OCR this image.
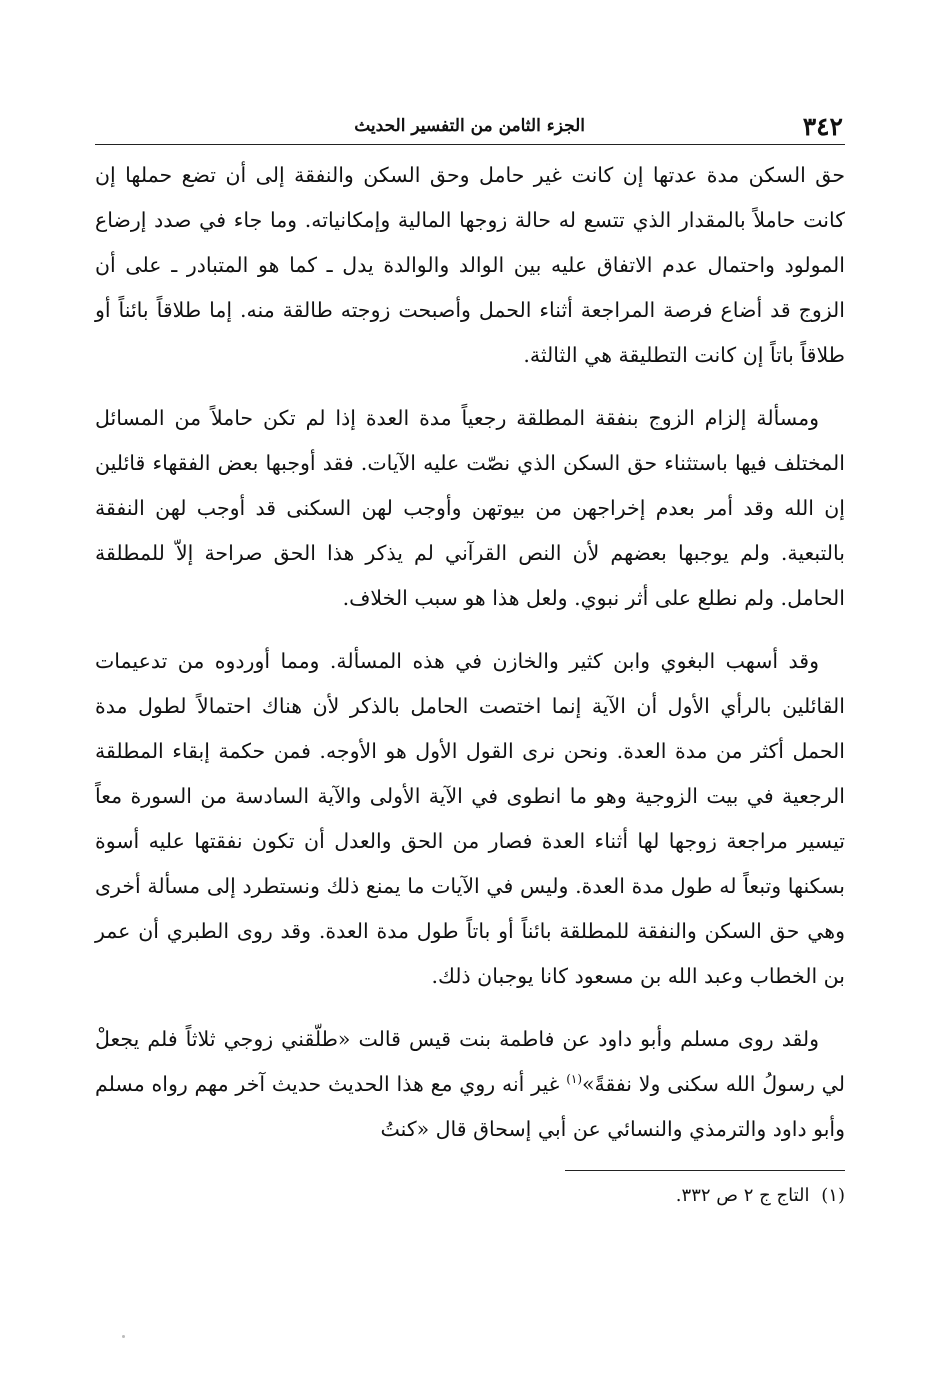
٣٤٢
الجزء الثامن من التفسير الحديث

حق السكن مدة عدتها إن كانت غير حامل وحق السكن والنفقة إلى أن تضع حملها إن كانت حاملاً بالمقدار الذي تتسع له حالة زوجها المالية وإمكانياته. وما جاء في صدد إرضاع المولود واحتمال عدم الاتفاق عليه بين الوالد والوالدة يدل ـ كما هو المتبادر ـ على أن الزوج قد أضاع فرصة المراجعة أثناء الحمل وأصبحت زوجته طالقة منه. إما طلاقاً بائناً أو طلاقاً باتاً إن كانت التطليقة هي الثالثة.

ومسألة إلزام الزوج بنفقة المطلقة رجعياً مدة العدة إذا لم تكن حاملاً من المسائل المختلف فيها باستثناء حق السكن الذي نصّت عليه الآيات. فقد أوجبها بعض الفقهاء قائلين إن الله وقد أمر بعدم إخراجهن من بيوتهن وأوجب لهن السكنى قد أوجب لهن النفقة بالتبعية. ولم يوجبها بعضهم لأن النص القرآني لم يذكر هذا الحق صراحة إلاّ للمطلقة الحامل. ولم نطلع على أثر نبوي. ولعل هذا هو سبب الخلاف.

وقد أسهب البغوي وابن كثير والخازن في هذه المسألة. ومما أوردوه من تدعيمات القائلين بالرأي الأول أن الآية إنما اختصت الحامل بالذكر لأن هناك احتمالاً لطول مدة الحمل أكثر من مدة العدة. ونحن نرى القول الأول هو الأوجه. فمن حكمة إبقاء المطلقة الرجعية في بيت الزوجية وهو ما انطوى في الآية الأولى والآية السادسة من السورة معاً تيسير مراجعة زوجها لها أثناء العدة فصار من الحق والعدل أن تكون نفقتها عليه أسوة بسكنها وتبعاً له طول مدة العدة. وليس في الآيات ما يمنع ذلك ونستطرد إلى مسألة أخرى وهي حق السكن والنفقة للمطلقة بائناً أو باتاً طول مدة العدة. وقد روى الطبري أن عمر بن الخطاب وعبد الله بن مسعود كانا يوجبان ذلك.

ولقد روى مسلم وأبو داود عن فاطمة بنت قيس قالت «طلّقني زوجي ثلاثاً فلم يجعلْ لي رسولُ الله سكنى ولا نفقةً»$^{(١)}$ غير أنه روي مع هذا الحديث حديث آخر مهم رواه مسلم وأبو داود والترمذي والنسائي عن أبي إسحاق قال «كنتُ

(١) التاج ج ٢ ص ٣٣٢.
